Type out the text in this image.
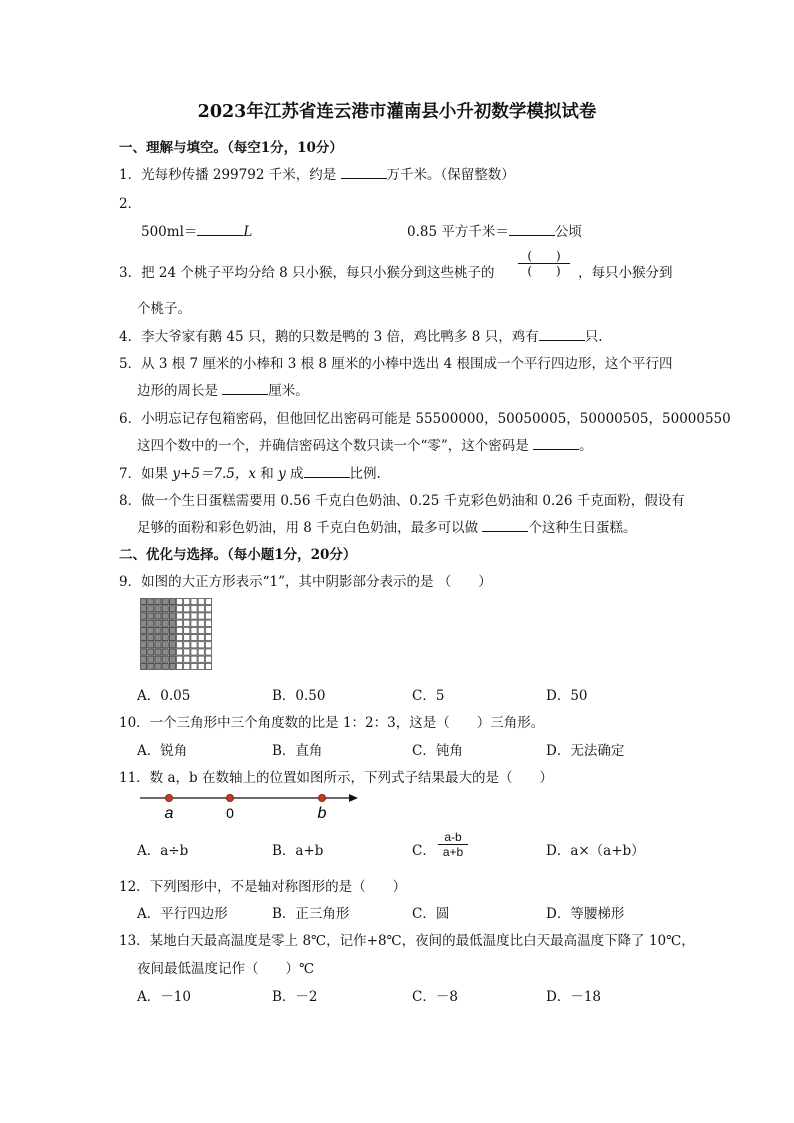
2023年江苏省连云港市灌南县小升初数学模拟试卷
一、理解与填空。（每空1分，10分）
1．光每秒传播 299792 千米，约是	万千米。（保留整数）
2．
500ml＝	L	0.85 平方千米＝	公顷
3．把 24 个桃子平均分给 8 只小猴，每只小猴分到这些桃子的
(　　)
(　　) ，每只小猴分到
个桃子。
4．李大爷家有鹅 45 只，鹅的只数是鸭的 3 倍，鸡比鸭多 8 只，鸡有	只.
5．从 3 根 7 厘米的小棒和 3 根 8 厘米的小棒中选出 4 根围成一个平行四边形，这个平行四
边形的周长是	厘米。
6．小明忘记存包箱密码，但他回忆出密码可能是 55500000，50050005，50000505，50000550
这四个数中的一个，并确信密码这个数只读一个“零”，这个密码是	。
7．如果 y+5＝7.5，x 和 y 成	比例.
8．做一个生日蛋糕需要用 0.56 千克白色奶油、0.25 千克彩色奶油和 0.26 千克面粉，假设有
足够的面粉和彩色奶油，用 8 千克白色奶油，最多可以做	个这种生日蛋糕。
二、优化与选择。（每小题1分，20分）
9．如图的大正方形表示“1”，其中阴影部分表示的是 （　　）
A．0.05	B．0.50	C．5	D．50
10．一个三角形中三个角度数的比是 1：2：3，这是（　　）三角形。
A．锐角	B．直角	C．钝角	D．无法确定
11．数 a，b 在数轴上的位置如图所示，下列式子结果最大的是（　　）
a	0	b
A．a÷b	B．a+b	C．
a-b
a+b	D．a×（a+b）
12．下列图形中，不是轴对称图形的是（　　）
A．平行四边形	B．正三角形	C．圆	D．等腰梯形
13．某地白天最高温度是零上 8℃，记作+8℃，夜间的最低温度比白天最高温度下降了 10℃，
夜间最低温度记作（　　）℃
A．－10	B．－2	C．－8	D．－18
